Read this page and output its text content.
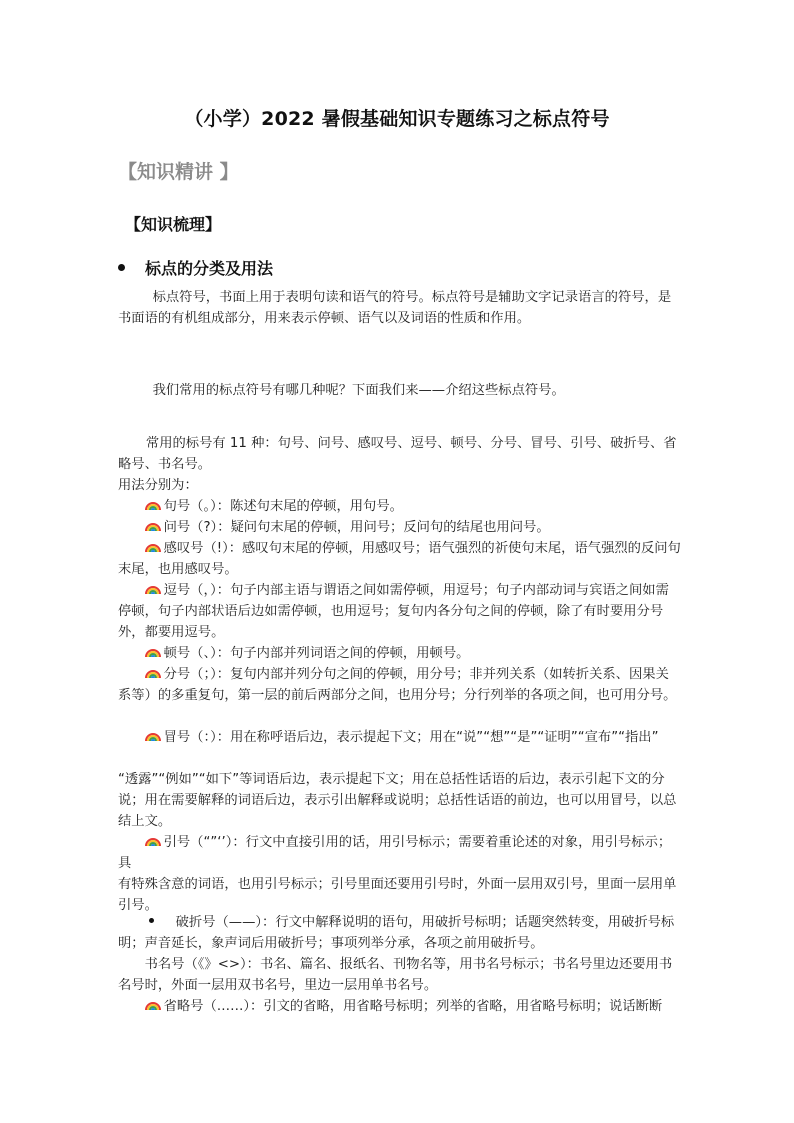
（小学）2022 暑假基础知识专题练习之标点符号
【知识精讲 】
【知识梳理】
标点的分类及用法

标点符号，书面上用于表明句读和语气的符号。标点符号是辅助文字记录语言的符号，是书面语的有机组成部分，用来表示停顿、语气以及词语的性质和作用。

我们常用的标点符号有哪几种呢？下面我们来——介绍这些标点符号。

常用的标号有 11 种：句号、问号、感叹号、逗号、顿号、分号、冒号、引号、破折号、省略号、书名号。

用法分别为：

句号（。）：陈述句末尾的停顿，用句号。

问号（?）：疑问句末尾的停顿，用问号；反问句的结尾也用问号。

感叹号（!）：感叹句末尾的停顿，用感叹号；语气强烈的祈使句末尾，语气强烈的反问句末尾，也用感叹号。

逗号（，）：句子内部主语与谓语之间如需停顿，用逗号；句子内部动词与宾语之间如需停顿，句子内部状语后边如需停顿，也用逗号；复句内各分句之间的停顿，除了有时要用分号外，都要用逗号。

顿号（、）：句子内部并列词语之间的停顿，用顿号。

分号（；）：复句内部并列分句之间的停顿，用分号；非并列关系（如转折关系、因果关系等）的多重复句，第一层的前后两部分之间，也用分号；分行列举的各项之间，也可用分号。

冒号（：）：用在称呼语后边，表示提起下文；用在“说”“想”“是”“证明”“宣布”“指出”

“透露”“例如”“如下”等词语后边，表示提起下文；用在总括性话语的后边，表示引起下文的分说；用在需要解释的词语后边，表示引出解释或说明；总括性话语的前边，也可以用冒号，以总结上文。

引号（“”‘’）：行文中直接引用的话，用引号标示；需要着重论述的对象，用引号标示；具

有特殊含意的词语，也用引号标示；引号里面还要用引号时，外面一层用双引号，里面一层用单引号。

破折号（——）：行文中解释说明的语句，用破折号标明；话题突然转变，用破折号标明；声音延长，象声词后用破折号；事项列举分承，各项之前用破折号。

书名号（《》<>）：书名、篇名、报纸名、刊物名等，用书名号标示；书名号里边还要用书名号时，外面一层用双书名号，里边一层用单书名号。

省略号（……）：引文的省略，用省略号标明；列举的省略，用省略号标明；说话断断
